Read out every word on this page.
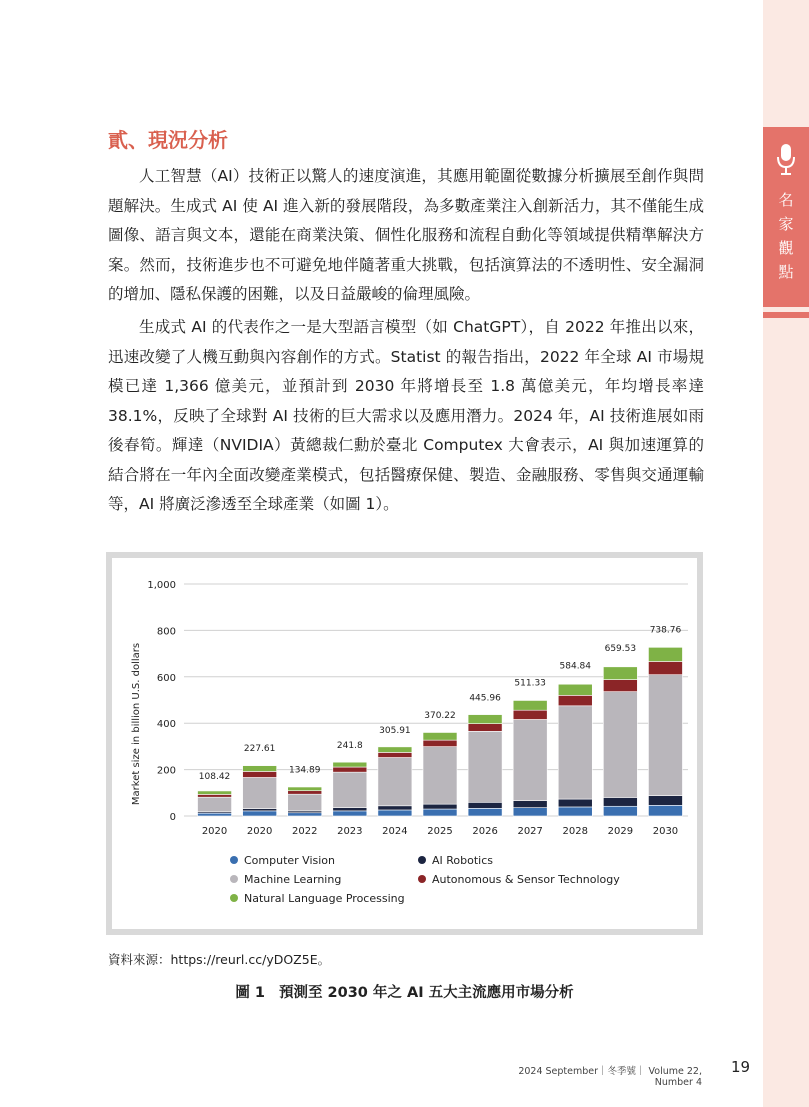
名
家
觀
點
貳、現況分析

人工智慧（AI）技術正以驚人的速度演進，其應用範圍從數據分析擴展至創作與問題解決。生成式 AI 使 AI 進入新的發展階段，為多數產業注入創新活力，其不僅能生成圖像、語言與文本，還能在商業決策、個性化服務和流程自動化等領域提供精準解決方案。然而，技術進步也不可避免地伴隨著重大挑戰，包括演算法的不透明性、安全漏洞的增加、隱私保護的困難，以及日益嚴峻的倫理風險。

生成式 AI 的代表作之一是大型語言模型（如 ChatGPT），自 2022 年推出以來，迅速改變了人機互動與內容創作的方式。Statist 的報告指出，2022 年全球 AI 市場規模已達 1,366 億美元，並預計到 2030 年將增長至 1.8 萬億美元，年均增長率達 38.1%，反映了全球對 AI 技術的巨大需求以及應用潛力。2024 年，AI 技術進展如雨後春筍。輝達（NVIDIA）黃總裁仁勳於臺北 Computex 大會表示，AI 與加速運算的結合將在一年內全面改變產業模式，包括醫療保健、製造、金融服務、零售與交通運輸等，AI 將廣泛滲透至全球產業（如圖 1）。

0
200
400
600
800
1,000
Market size in billion U.S. dollars	108.42
2020
227.61
2020
134.89
2022
241.8
2023
305.91
2024
370.22
2025
445.96
2026
511.33
2027
584.84
2028
659.53
2029
738.76
2030
Computer Vision	AI Robotics
Machine Learning	Autonomous & Sensor Technology
Natural Language Processing
資料來源：https://reurl.cc/yDOZ5E。
圖 1 預測至 2030 年之 AI 五大主流應用市場分析
2024 September｜冬季號｜ Volume 22, Number 4
19
